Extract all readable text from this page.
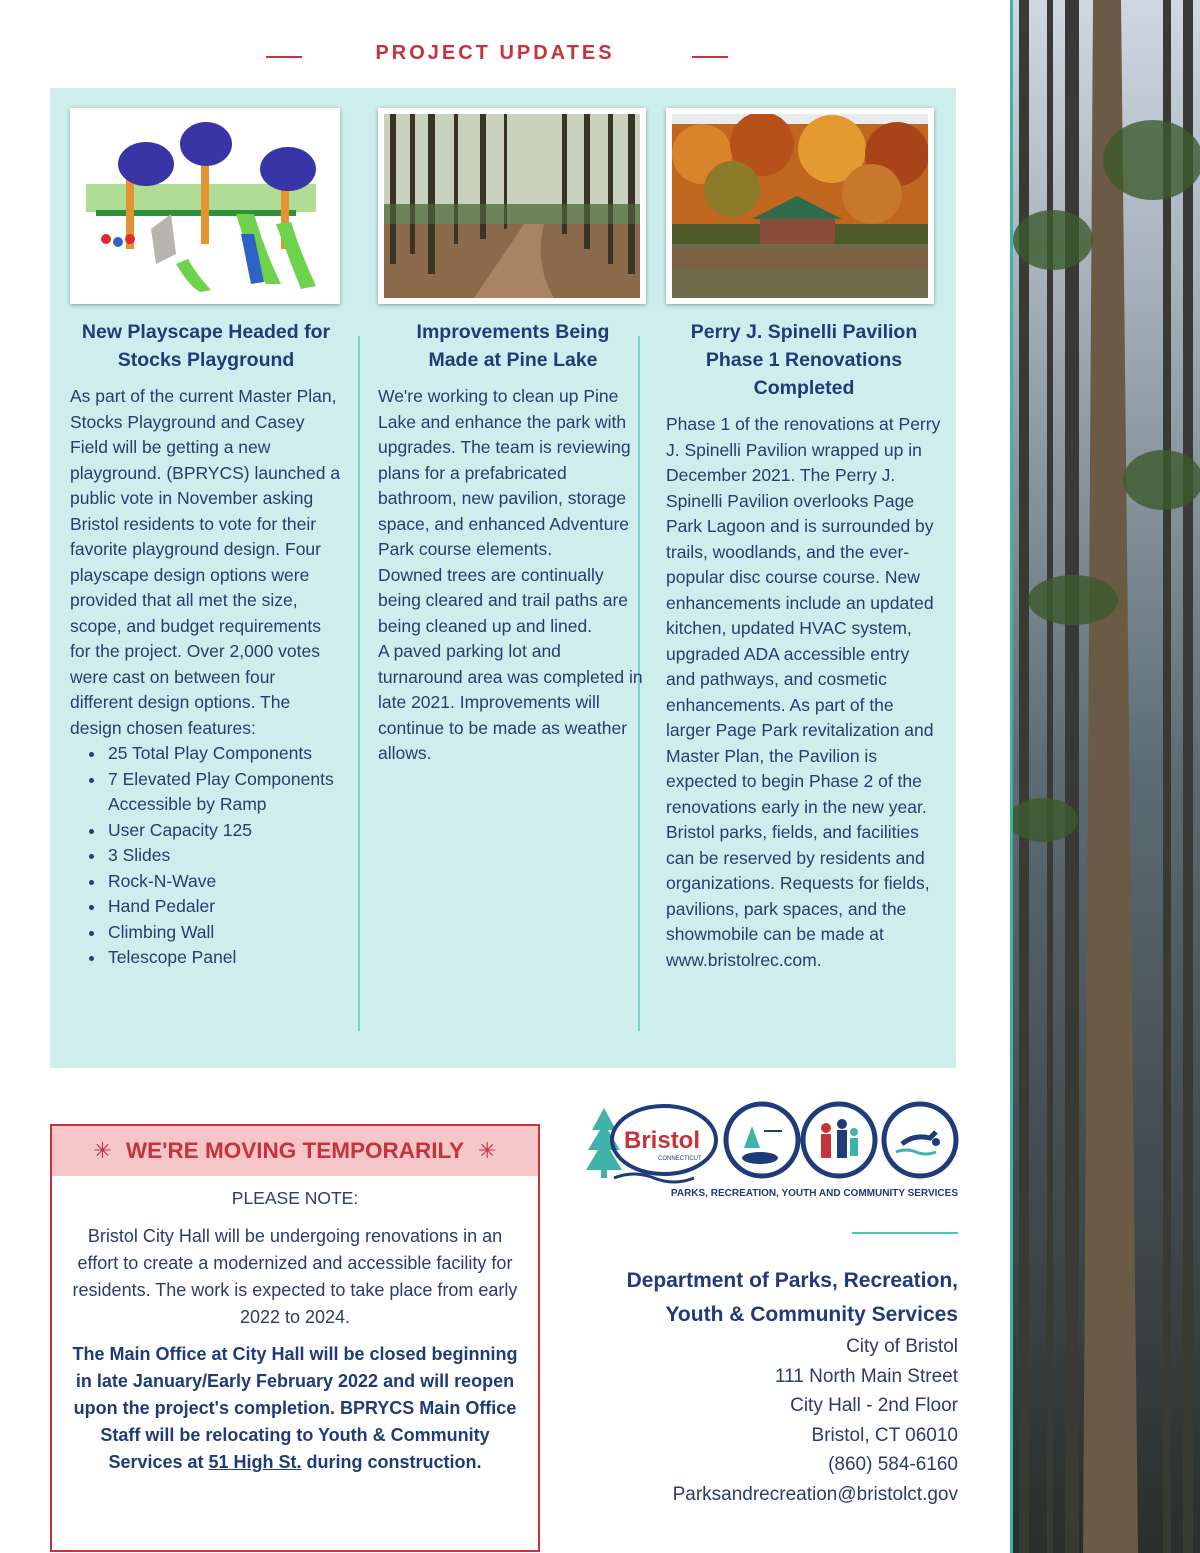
PROJECT UPDATES
New Playscape Headed for
Stocks Playground

As part of the current Master Plan, Stocks Playground and Casey Field will be getting a new playground. (BPRYCS) launched a public vote in November asking Bristol residents to vote for their favorite playground design. Four playscape design options were provided that all met the size, scope, and budget requirements for the project. Over 2,000 votes were cast on between four different design options. The design chosen features:

• 25 Total Play Components
• 7 Elevated Play Components Accessible by Ramp
• User Capacity 125
• 3 Slides
• Rock-N-Wave
• Hand Pedaler
• Climbing Wall
• Telescope Panel
Improvements Being
Made at Pine Lake

We're working to clean up Pine Lake and enhance the park with upgrades. The team is reviewing plans for a prefabricated bathroom, new pavilion, storage space, and enhanced Adventure Park course elements.

Downed trees are continually being cleared and trail paths are being cleaned up and lined.

A paved parking lot and turnaround area was completed in late 2021. Improvements will continue to be made as weather allows.

Perry J. Spinelli Pavilion
Phase 1 Renovations
Completed

Phase 1 of the renovations at Perry J. Spinelli Pavilion wrapped up in December 2021. The Perry J. Spinelli Pavilion overlooks Page Park Lagoon and is surrounded by trails, woodlands, and the ever-popular disc course course. New enhancements include an updated kitchen, updated HVAC system, upgraded ADA accessible entry and pathways, and cosmetic enhancements. As part of the larger Page Park revitalization and Master Plan, the Pavilion is expected to begin Phase 2 of the renovations early in the new year. Bristol parks, fields, and facilities can be reserved by residents and organizations. Requests for fields, pavilions, park spaces, and the showmobile can be made at www.bristolrec.com.

✳ WE'RE MOVING TEMPORARILY ✳
PLEASE NOTE:

Bristol City Hall will be undergoing renovations in an effort to create a modernized and accessible facility for residents. The work is expected to take place from early 2022 to 2024.

The Main Office at City Hall will be closed beginning in late January/Early February 2022 and will reopen upon the project's completion. BPRYCS Main Office Staff will be relocating to Youth & Community Services at 51 High St. during construction.

Bristol
CONNECTICUT
PARKS, RECREATION, YOUTH AND COMMUNITY SERVICES
Department of Parks, Recreation,
Youth & Community Services
City of Bristol
111 North Main Street
City Hall - 2nd Floor
Bristol, CT 06010
(860) 584-6160
Parksandrecreation@bristolct.gov
